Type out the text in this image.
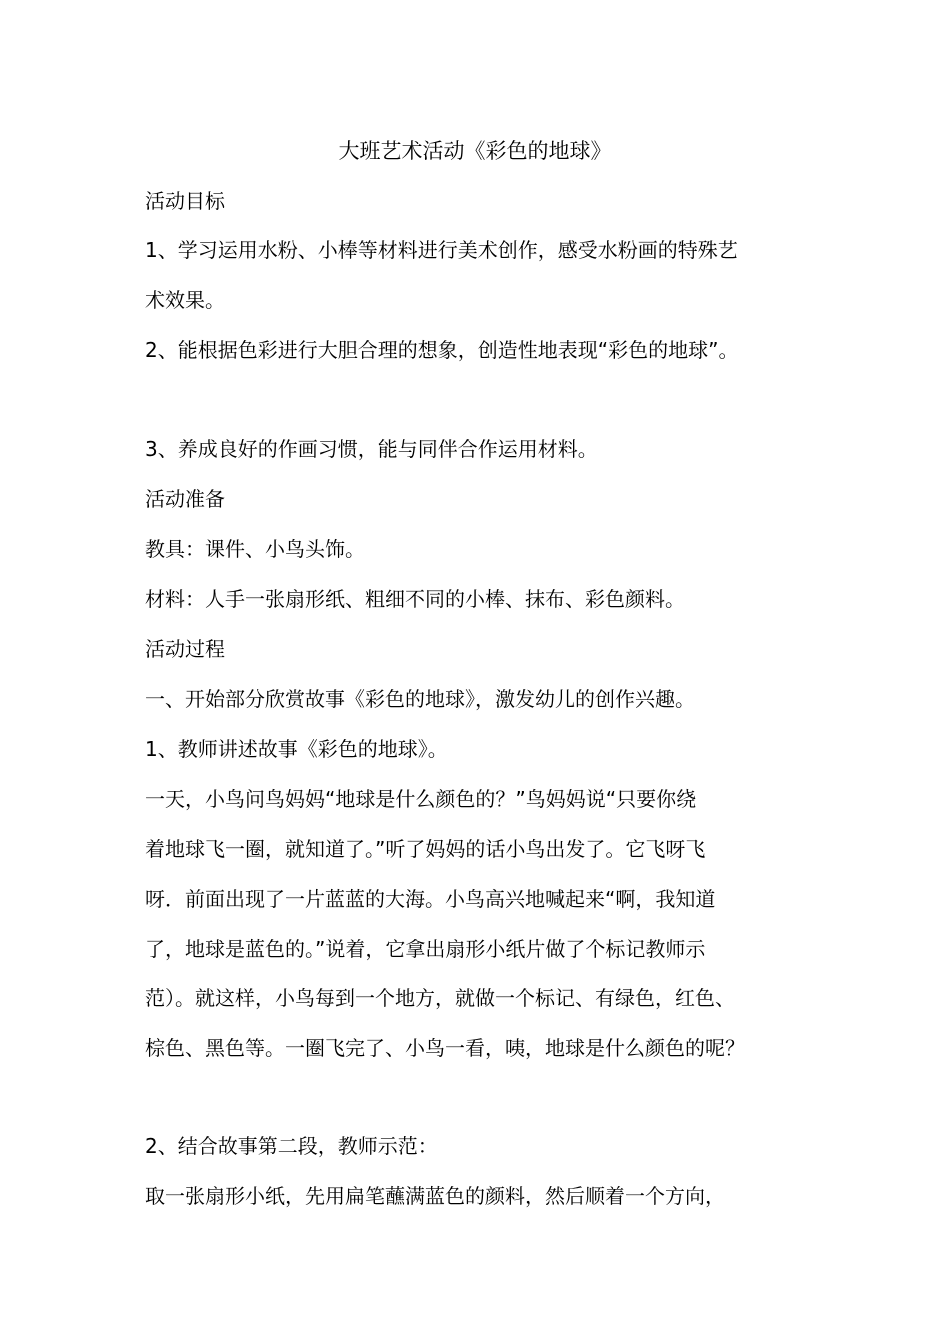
大班艺术活动《彩色的地球》
活动目标
1、学习运用水粉、小棒等材料进行美术创作，感受水粉画的特殊艺
术效果。
2、能根据色彩进行大胆合理的想象，创造性地表现“彩色的地球”。
3、养成良好的作画习惯，能与同伴合作运用材料。
活动准备
教具：课件、小鸟头饰。
材料：人手一张扇形纸、粗细不同的小棒、抹布、彩色颜料。
活动过程
一、开始部分欣赏故事《彩色的地球》，激发幼儿的创作兴趣。
1、教师讲述故事《彩色的地球》。
一天，小鸟问鸟妈妈“地球是什么颜色的？”鸟妈妈说“只要你绕
着地球飞一圈，就知道了。”听了妈妈的话小鸟出发了。它飞呀飞
呀．前面出现了一片蓝蓝的大海。小鸟高兴地喊起来“啊，我知道
了，地球是蓝色的。”说着，它拿出扇形小纸片做了个标记教师示
范）。就这样，小鸟每到一个地方，就做一个标记、有绿色，红色、
棕色、黑色等。一圈飞完了、小鸟一看，咦，地球是什么颜色的呢？
2、结合故事第二段，教师示范：
取一张扇形小纸，先用扁笔蘸满蓝色的颜料，然后顺着一个方向，
